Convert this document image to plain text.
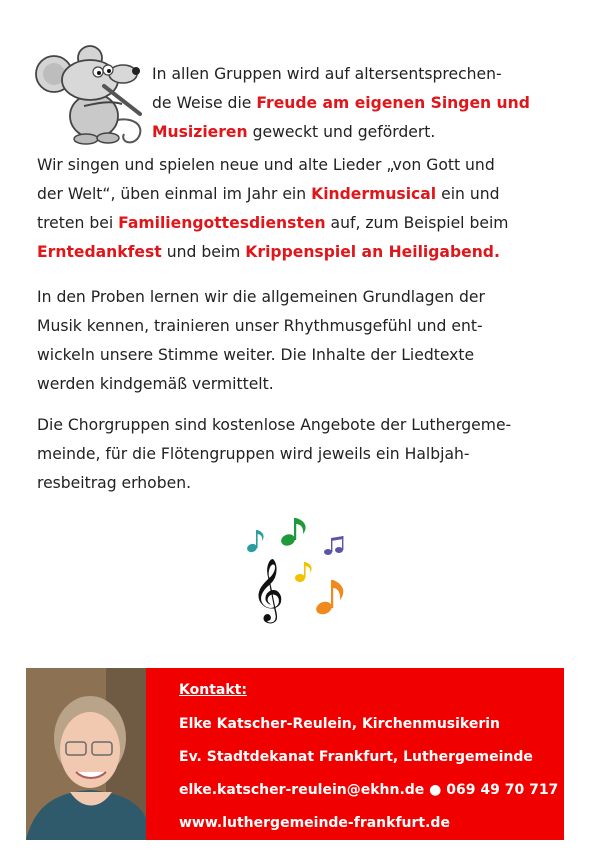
In allen Gruppen wird auf altersentsprechen-
de Weise die Freude am eigenen Singen und
Musizieren geweckt und gefördert.
Wir singen und spielen neue und alte Lieder „von Gott und
der Welt“, üben einmal im Jahr ein Kindermusical ein und
treten bei Familiengottesdiensten auf, zum Beispiel beim
Erntedankfest und beim Krippenspiel an Heiligabend.
In den Proben lernen wir die allgemeinen Grundlagen der
Musik kennen, trainieren unser Rhythmusgefühl und ent-
wickeln unsere Stimme weiter. Die Inhalte der Liedtexte
werden kindgemäß vermittelt.
Die Chorgruppen sind kostenlose Angebote der Luthergeme-
meinde, für die Flötengruppen wird jeweils ein Halbjah-
resbeitrag erhoben.
𝄞
Kontakt:
Elke Katscher-Reulein, Kirchenmusikerin
Ev. Stadtdekanat Frankfurt, Luthergemeinde
elke.katscher-reulein@ekhn.de ● 069 49 70 717
www.luthergemeinde-frankfurt.de
